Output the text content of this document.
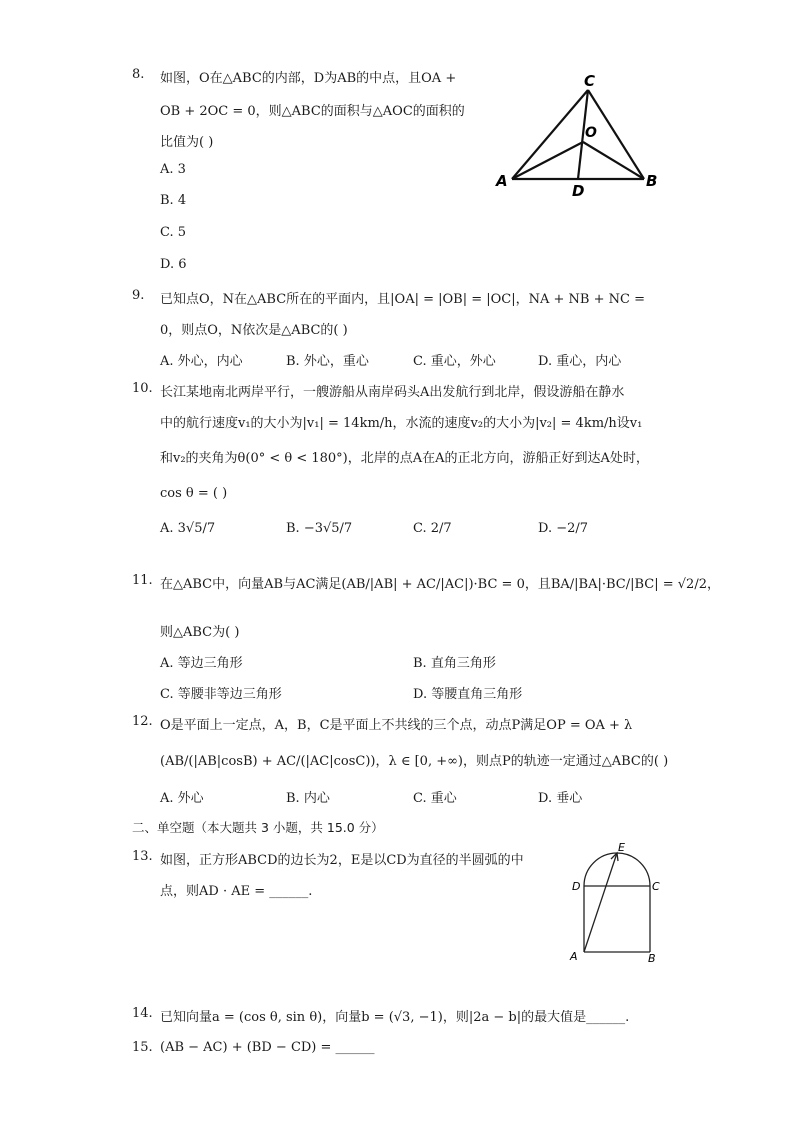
8. 如图，O在△ABC的内部，D为AB的中点，且OA +
OB + 2OC = 0，则△ABC的面积与△AOC的面积的
比值为( )
A. 3
B. 4
C. 5
D. 6
C
O
A
D
B
9. 已知点O，N在△ABC所在的平面内，且|OA| = |OB| = |OC|，NA + NB + NC =
0，则点O，N依次是△ABC的( )
A. 外心，内心	B. 外心，重心	C. 重心，外心	D. 重心，内心
10. 长江某地南北两岸平行，一艘游船从南岸码头A出发航行到北岸，假设游船在静水
中的航行速度v₁的大小为|v₁| = 14km/h，水流的速度v₂的大小为|v₂| = 4km/h设v₁
和v₂的夹角为θ(0° < θ < 180°)，北岸的点A在A的正北方向，游船正好到达A处时，
cos θ = ( )
A. 3√5/7	B. −3√5/7	C. 2/7	D. −2/7
11. 在△ABC中，向量AB与AC满足(AB/|AB| + AC/|AC|)·BC = 0，且BA/|BA|·BC/|BC| = √2/2，
则△ABC为( )
A. 等边三角形	B. 直角三角形
C. 等腰非等边三角形	D. 等腰直角三角形
12. O是平面上一定点，A，B，C是平面上不共线的三个点，动点P满足OP = OA + λ
(AB/(|AB|cosB) + AC/(|AC|cosC))，λ ∈ [0, +∞)，则点P的轨迹一定通过△ABC的( )
A. 外心	B. 内心	C. 重心	D. 垂心
二、单空题（本大题共 3 小题，共 15.0 分）
13. 如图，正方形ABCD的边长为2，E是以CD为直径的半圆弧的中
点，则AD · AE = ______.
E
D	C
A	B
14. 已知向量a = (cos θ, sin θ)，向量b = (√3, −1)，则|2a − b|的最大值是______.
15. (AB − AC) + (BD − CD) = ______
